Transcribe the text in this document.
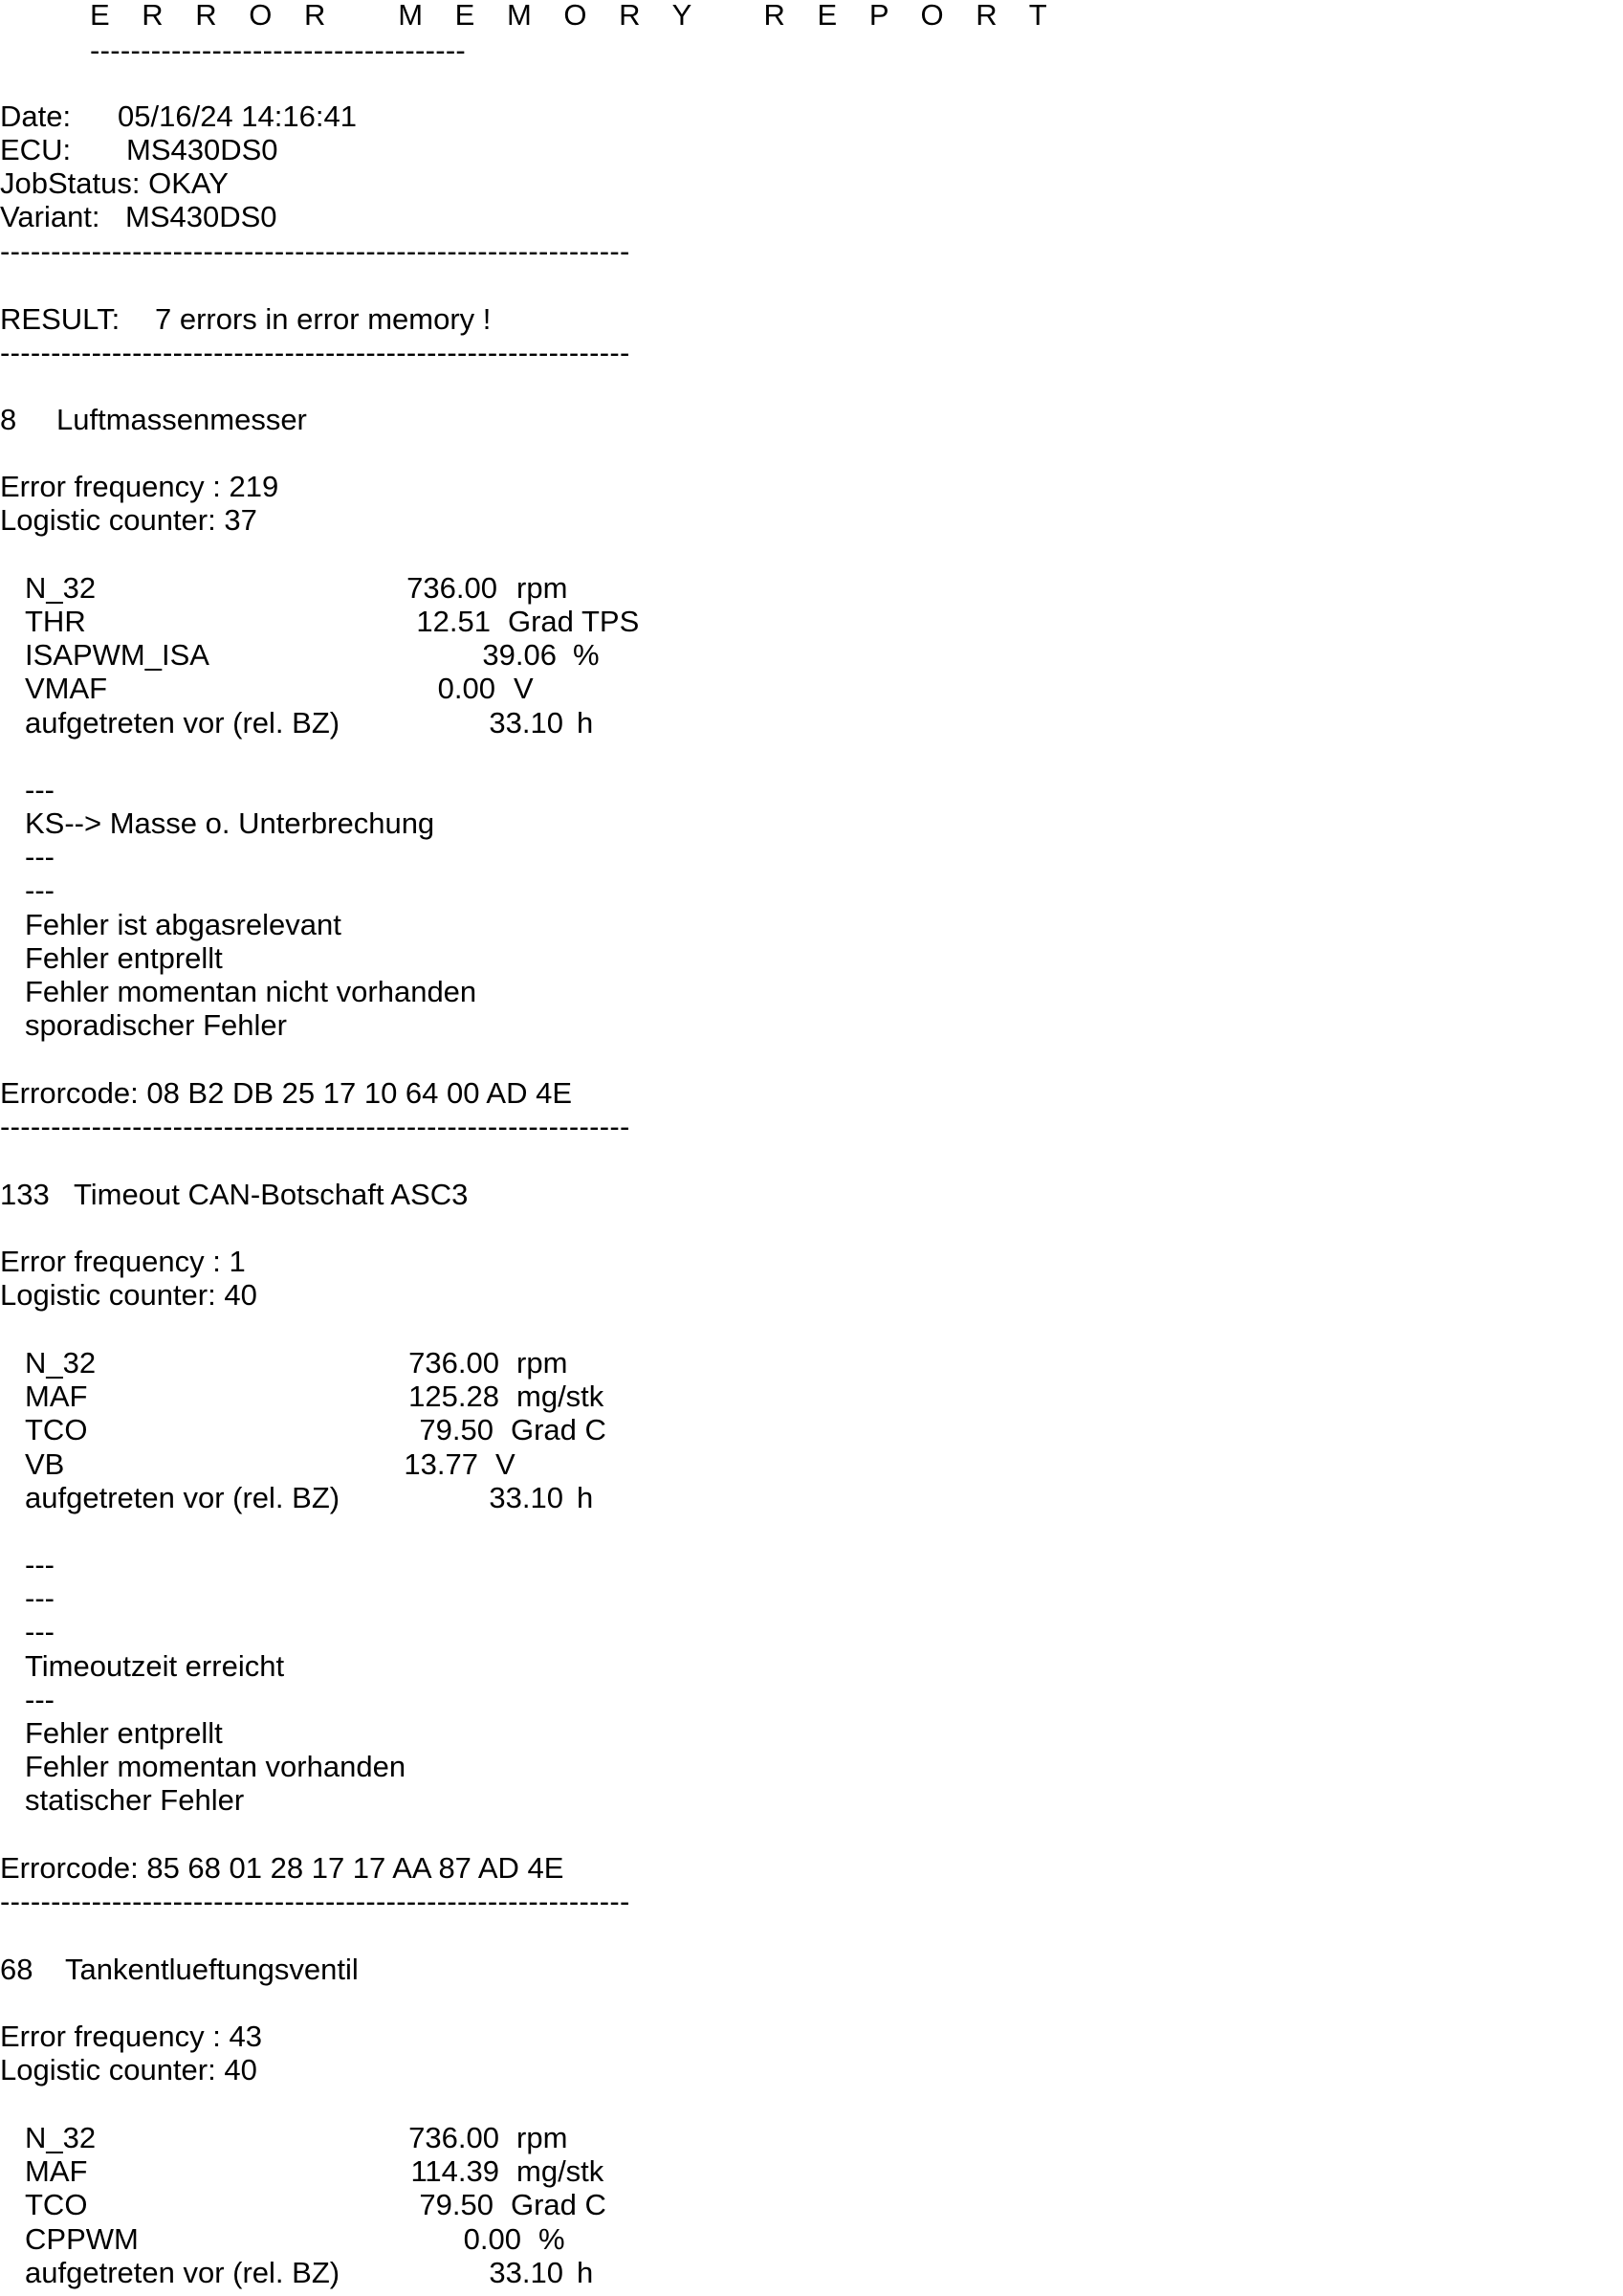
E R R O R   M E M O R Y   R E P O R T
-------------------------------------
Date: 05/16/24 14:16:41
ECU: MS430DS0
JobStatus: OKAY
Variant: MS430DS0
--------------------------------------------------------------
RESULT: 7 errors in error memory !
--------------------------------------------------------------
8 Luftmassenmesser
Error frequency : 219
Logistic counter: 37
N_32	736.00 rpm
THR	12.51 Grad TPS
ISAPWM_ISA	39.06 %
VMAF	0.00 V
aufgetreten vor (rel. BZ)	33.10 h
---
KS--> Masse o. Unterbrechung
---
---
Fehler ist abgasrelevant
Fehler entprellt
Fehler momentan nicht vorhanden
sporadischer Fehler
Errorcode: 08 B2 DB 25 17 10 64 00 AD 4E
--------------------------------------------------------------
133 Timeout CAN-Botschaft ASC3
Error frequency : 1
Logistic counter: 40
N_32	736.00 rpm
MAF	125.28 mg/stk
TCO	79.50 Grad C
VB	13.77 V
aufgetreten vor (rel. BZ)	33.10 h
---
---
---
Timeoutzeit erreicht
---
Fehler entprellt
Fehler momentan vorhanden
statischer Fehler
Errorcode: 85 68 01 28 17 17 AA 87 AD 4E
--------------------------------------------------------------
68 Tankentlueftungsventil
Error frequency : 43
Logistic counter: 40
N_32	736.00 rpm
MAF	114.39 mg/stk
TCO	79.50 Grad C
CPPWM	0.00 %
aufgetreten vor (rel. BZ)	33.10 h
